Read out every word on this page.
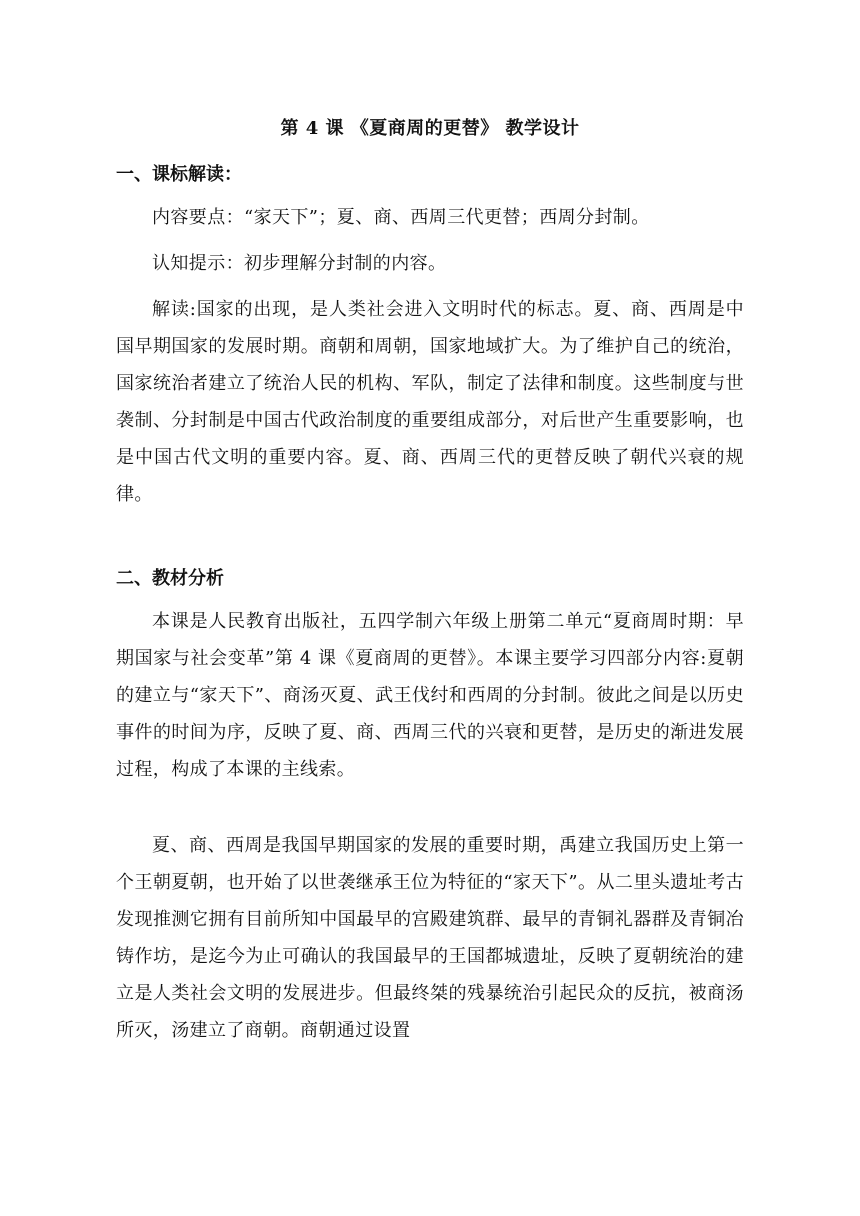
第 4 课 《夏商周的更替》 教学设计
一、课标解读：
内容要点：“家天下”；夏、商、西周三代更替；西周分封制。
认知提示：初步理解分封制的内容。
解读:国家的出现，是人类社会进入文明时代的标志。夏、商、西周是中国早期国家的发展时期。商朝和周朝，国家地域扩大。为了维护自己的统治，国家统治者建立了统治人民的机构、军队，制定了法律和制度。这些制度与世袭制、分封制是中国古代政治制度的重要组成部分，对后世产生重要影响，也是中国古代文明的重要内容。夏、商、西周三代的更替反映了朝代兴衰的规律。
二、教材分析
本课是人民教育出版社，五四学制六年级上册第二单元“夏商周时期：早期国家与社会变革”第 4 课《夏商周的更替》。本课主要学习四部分内容:夏朝的建立与“家天下”、商汤灭夏、武王伐纣和西周的分封制。彼此之间是以历史事件的时间为序，反映了夏、商、西周三代的兴衰和更替，是历史的渐进发展过程，构成了本课的主线索。
夏、商、西周是我国早期国家的发展的重要时期，禹建立我国历史上第一个王朝夏朝，也开始了以世袭继承王位为特征的“家天下”。从二里头遗址考古发现推测它拥有目前所知中国最早的宫殿建筑群、最早的青铜礼器群及青铜冶铸作坊，是迄今为止可确认的我国最早的王国都城遗址，反映了夏朝统治的建立是人类社会文明的发展进步。但最终桀的残暴统治引起民众的反抗，被商汤所灭，汤建立了商朝。商朝通过设置
